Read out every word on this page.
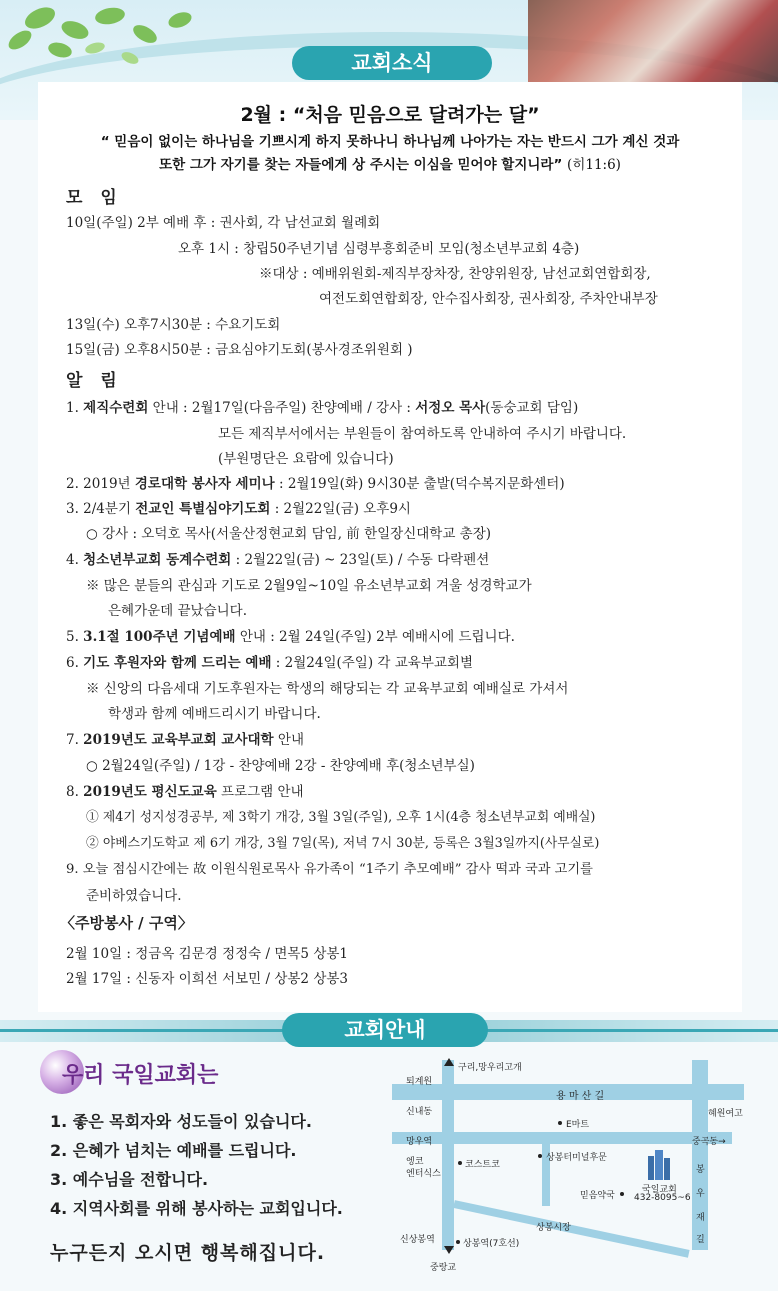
교회소식
2월 : “처음 믿음으로 달려가는 달”
“ 믿음이 없이는 하나님을 기쁘시게 하지 못하나니 하나님께 나아가는 자는 반드시 그가 계신 것과
또한 그가 자기를 찾는 자들에게 상 주시는 이심을 믿어야 할지니라” (히11:6)
모 임
10일(주일) 2부 예배 후 : 권사회, 각 남선교회 월례회
오후 1시 : 창립50주년기념 심령부흥회준비 모임(청소년부교회 4층)
※대상 : 예배위원회-제직부장차장, 찬양위원장, 남선교회연합회장,
여전도회연합회장, 안수집사회장, 권사회장, 주차안내부장
13일(수) 오후7시30분 : 수요기도회
15일(금) 오후8시50분 : 금요심야기도회(봉사경조위원회 )
알 림
1. 제직수련회 안내 : 2월17일(다음주일) 찬양예배 / 강사 : 서정오 목사(동숭교회 담임)
모든 제직부서에서는 부원들이 참여하도록 안내하여 주시기 바랍니다.
(부원명단은 요람에 있습니다)
2. 2019년 경로대학 봉사자 세미나 : 2월19일(화) 9시30분 출발(덕수복지문화센터)
3. 2/4분기 전교인 특별심야기도회 : 2월22일(금) 오후9시
○ 강사 : 오덕호 목사(서울산정현교회 담임, 前 한일장신대학교 총장)
4. 청소년부교회 동계수련회 : 2월22일(금) ~ 23일(토) / 수동 다락펜션
※ 많은 분들의 관심과 기도로 2월9일~10일 유소년부교회 겨울 성경학교가
은혜가운데 끝났습니다.
5. 3.1절 100주년 기념예배 안내 : 2월 24일(주일) 2부 예배시에 드립니다.
6. 기도 후원자와 함께 드리는 예배 : 2월24일(주일) 각 교육부교회별
※ 신앙의 다음세대 기도후원자는 학생의 해당되는 각 교육부교회 예배실로 가셔서
학생과 함께 예배드리시기 바랍니다.
7. 2019년도 교육부교회 교사대학 안내
○ 2월24일(주일) / 1강 - 찬양예배 2강 - 찬양예배 후(청소년부실)
8. 2019년도 평신도교육 프로그램 안내
① 제4기 성지성경공부, 제 3학기 개강, 3월 3일(주일), 오후 1시(4층 청소년부교회 예배실)
② 야베스기도학교 제 6기 개강, 3월 7일(목), 저녁 7시 30분, 등록은 3월3일까지(사무실로)
9. 오늘 점심시간에는 故 이원식원로목사 유가족이 “1주기 추모예배” 감사 떡과 국과 고기를
준비하였습니다.
〈주방봉사 / 구역〉
2월 10일 : 정금옥 김문경 정정숙 / 면목5 상봉1
2월 17일 : 신동자 이희선 서보민 / 상봉2 상봉3
교회안내
우리 국일교회는
1. 좋은 목회자와 성도들이 있습니다.
2. 은혜가 넘치는 예배를 드립니다.
3. 예수님을 전합니다.
4. 지역사회를 위해 봉사하는 교회입니다.
누구든지 오시면 행복해집니다.
구리,망우리고개
퇴계원
용 마 산 길
신내동
E마트
혜원여고
망우역	중곡동→
엥코
엔터식스
코스트코
상봉터미널후문
국일교회
432-8095~6
믿음약국
봉
우
재
길
상봉시장
신상봉역	상봉역(7호선)
중랑교
